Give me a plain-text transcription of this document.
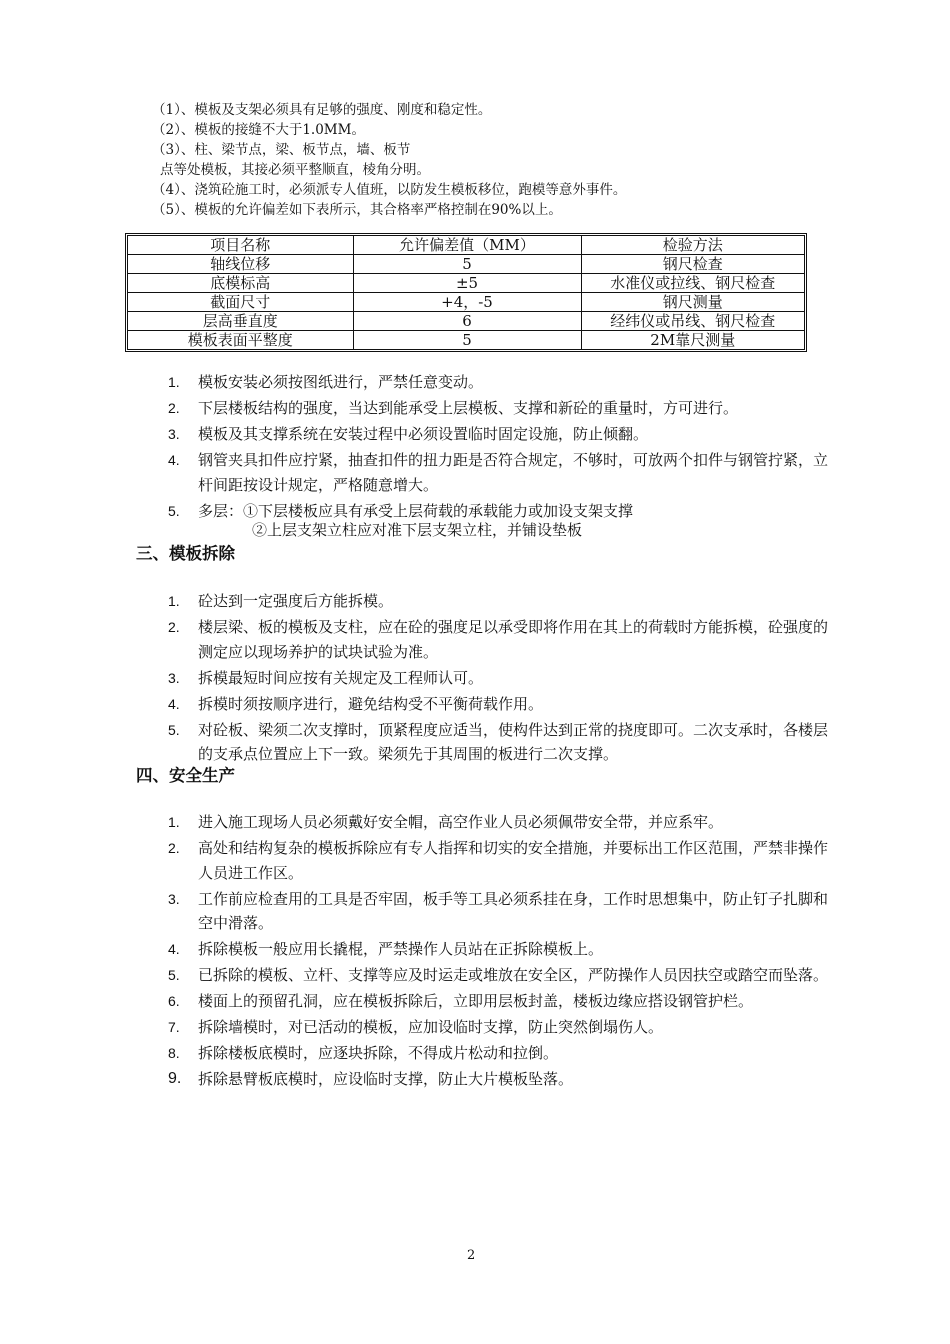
（1）、模板及支架必须具有足够的强度、刚度和稳定性。
（2）、模板的接缝不大于1.0MM。
（3）、柱、梁节点，梁、板节点，墙、板节
点等处模板，其接必须平整顺直，棱角分明。
（4）、浇筑砼施工时，必须派专人值班，以防发生模板移位，跑模等意外事件。
（5）、模板的允许偏差如下表所示，其合格率严格控制在90%以上。
项目名称	允许偏差值（MM）	检验方法
轴线位移	5	钢尺检查
底模标高	±5	水准仪或拉线、钢尺检查
截面尺寸	+4，-5	钢尺测量
层高垂直度	6	经纬仪或吊线、钢尺检查
模板表面平整度	5	2M靠尺测量
1. 模板安装必须按图纸进行，严禁任意变动。
2. 下层楼板结构的强度，当达到能承受上层模板、支撑和新砼的重量时，方可进行。
3. 模板及其支撑系统在安装过程中必须设置临时固定设施，防止倾翻。
4. 钢管夹具扣件应拧紧，抽查扣件的扭力距是否符合规定，不够时，可放两个扣件与钢管拧紧，立杆间距按设计规定，严格随意增大。
5. 多层：①下层楼板应具有承受上层荷载的承载能力或加设支架支撑
②上层支架立柱应对准下层支架立柱，并铺设垫板
三、模板拆除
1. 砼达到一定强度后方能拆模。
2. 楼层梁、板的模板及支柱，应在砼的强度足以承受即将作用在其上的荷载时方能拆模，砼强度的测定应以现场养护的试块试验为准。
3. 拆模最短时间应按有关规定及工程师认可。
4. 拆模时须按顺序进行，避免结构受不平衡荷载作用。
5. 对砼板、梁须二次支撑时，顶紧程度应适当，使构件达到正常的挠度即可。二次支承时，各楼层的支承点位置应上下一致。梁须先于其周围的板进行二次支撑。
四、安全生产
1. 进入施工现场人员必须戴好安全帽，高空作业人员必须佩带安全带，并应系牢。
2. 高处和结构复杂的模板拆除应有专人指挥和切实的安全措施，并要标出工作区范围，严禁非操作人员进工作区。
3. 工作前应检查用的工具是否牢固，板手等工具必须系挂在身，工作时思想集中，防止钉子扎脚和空中滑落。
4. 拆除模板一般应用长撬棍，严禁操作人员站在正拆除模板上。
5. 已拆除的模板、立杆、支撑等应及时运走或堆放在安全区，严防操作人员因扶空或踏空而坠落。
6. 楼面上的预留孔洞，应在模板拆除后，立即用层板封盖，楼板边缘应搭设钢管护栏。
7. 拆除墙模时，对已活动的模板，应加设临时支撑，防止突然倒塌伤人。
8. 拆除楼板底模时，应逐块拆除，不得成片松动和拉倒。
9. 拆除悬臂板底模时，应设临时支撑，防止大片模板坠落。
2
